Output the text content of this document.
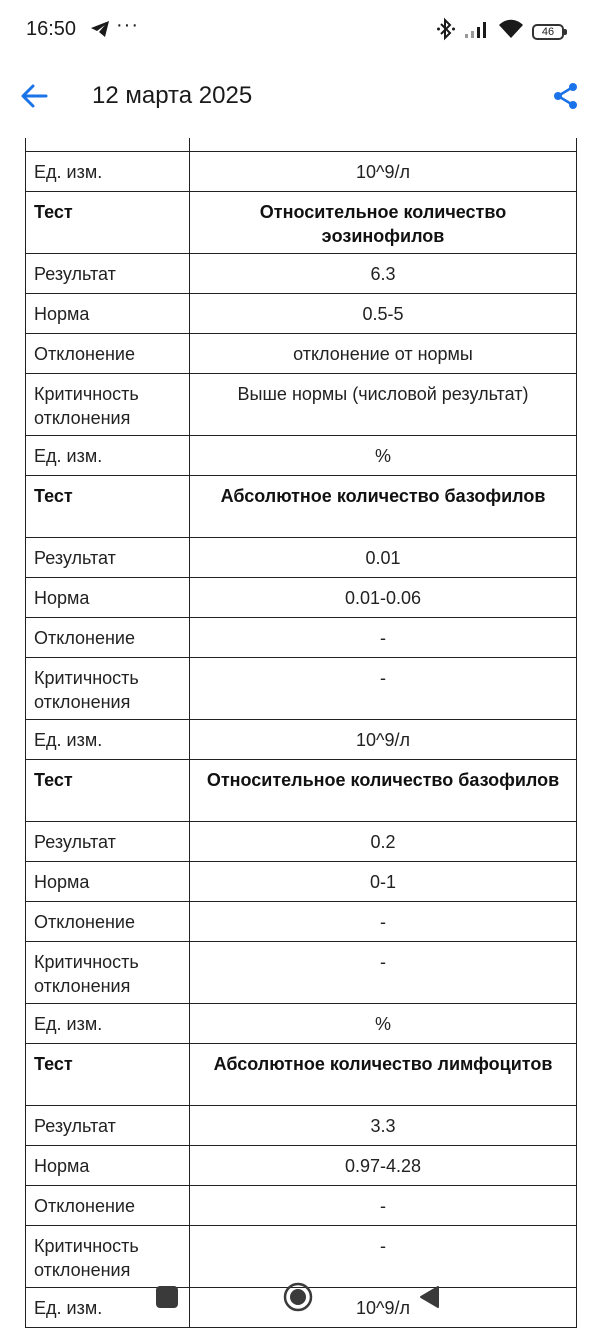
16:50 ···	46
12 марта 2025

Ед. изм.	10^9/л
Тест	Относительное количество эозинофилов
Результат	6.3
Норма	0.5-5
Отклонение	отклонение от нормы
Критичность отклонения	Выше нормы (числовой результат)
Ед. изм.	%
Тест	Абсолютное количество базофилов
Результат	0.01
Норма	0.01-0.06
Отклонение	-
Критичность отклонения	-
Ед. изм.	10^9/л
Тест	Относительное количество базофилов
Результат	0.2
Норма	0-1
Отклонение	-
Критичность отклонения	-
Ед. изм.	%
Тест	Абсолютное количество лимфоцитов
Результат	3.3
Норма	0.97-4.28
Отклонение	-
Критичность отклонения	-
Ед. изм.	10^9/л
